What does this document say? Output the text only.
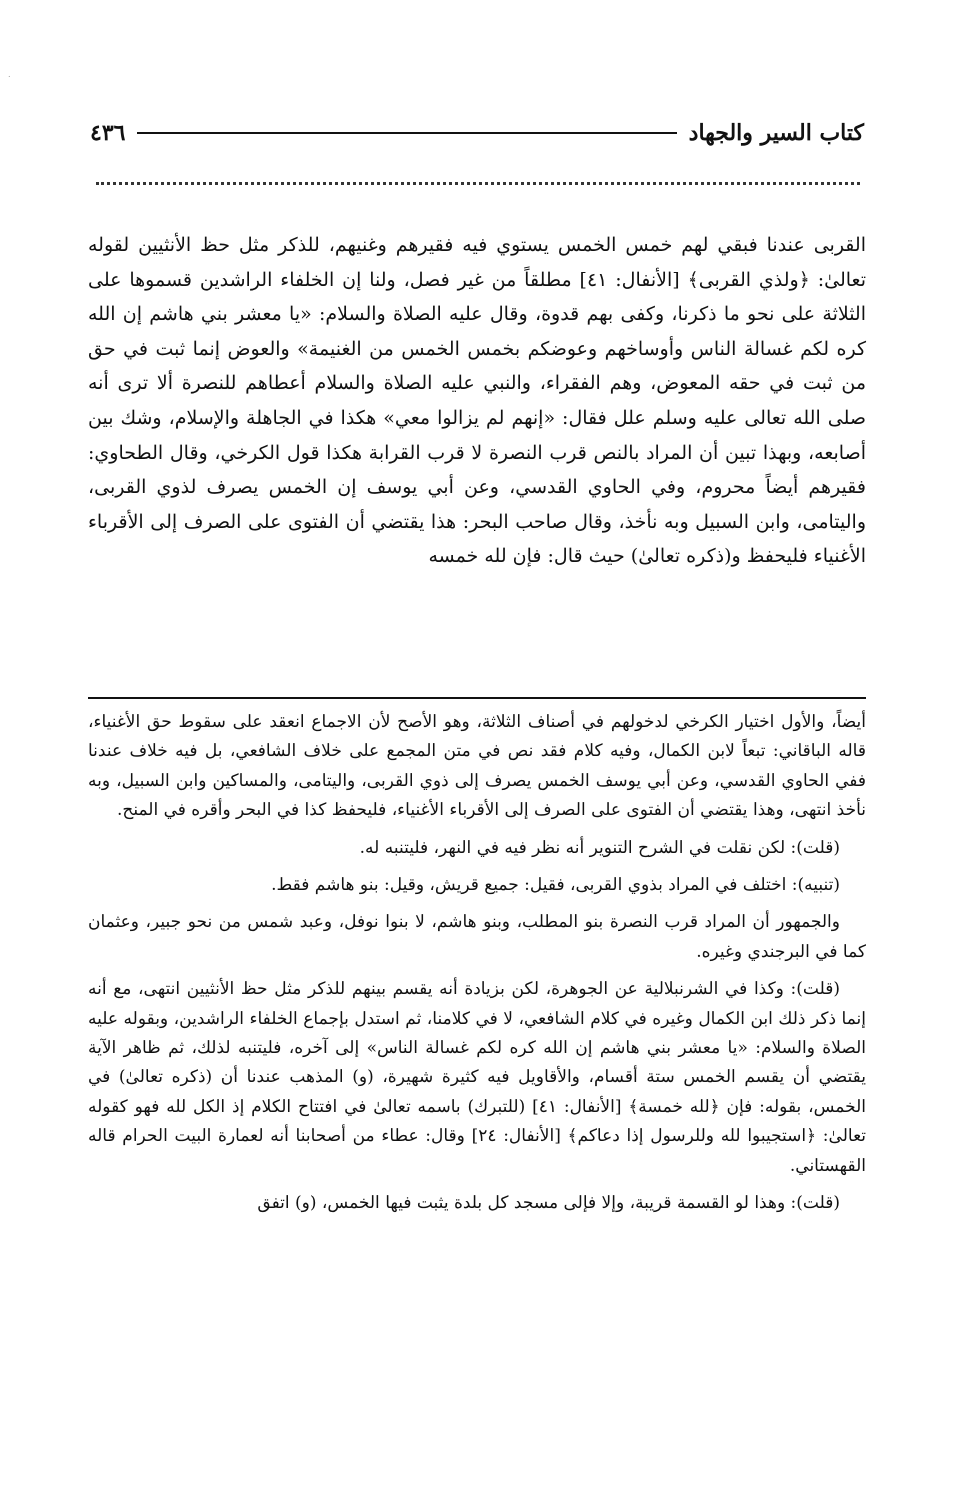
.
٤٣٦	كتاب السير والجهاد

القربى عندنا فبقي لهم خمس الخمس يستوي فيه فقيرهم وغنيهم، للذكر مثل حظ الأنثيين لقوله تعالىٰ: ﴿ولذي القربى﴾ [الأنفال: ٤١] مطلقاً من غير فصل، ولنا إن الخلفاء الراشدين قسموها على الثلاثة على نحو ما ذكرنا، وكفى بهم قدوة، وقال عليه الصلاة والسلام: «يا معشر بني هاشم إن الله كره لكم غسالة الناس وأوساخهم وعوضكم بخمس الخمس من الغنيمة» والعوض إنما ثبت في حق من ثبت في حقه المعوض، وهم الفقراء، والنبي عليه الصلاة والسلام أعطاهم للنصرة ألا ترى أنه صلى الله تعالى عليه وسلم علل فقال: «إنهم لم يزالوا معي» هكذا في الجاهلة والإسلام، وشك بين أصابعه، وبهذا تبين أن المراد بالنص قرب النصرة لا قرب القرابة هكذا قول الكرخي، وقال الطحاوي: فقيرهم أيضاً محروم، وفي الحاوي القدسي، وعن أبي يوسف إن الخمس يصرف لذوي القربى، واليتامى، وابن السبيل وبه نأخذ، وقال صاحب البحر: هذا يقتضي أن الفتوى على الصرف إلى الأقرباء الأغنياء فليحفظ و(ذكره تعالىٰ) حيث قال: فإن لله خمسه

أيضاً، والأول اختيار الكرخي لدخولهم في أصناف الثلاثة، وهو الأصح لأن الاجماع انعقد على سقوط حق الأغنياء، قاله الباقاني: تبعاً لابن الكمال، وفيه كلام فقد نص في متن المجمع على خلاف الشافعي، بل فيه خلاف عندنا ففي الحاوي القدسي، وعن أبي يوسف الخمس يصرف إلى ذوي القربى، واليتامى، والمساكين وابن السبيل، وبه نأخذ انتهى، وهذا يقتضي أن الفتوى على الصرف إلى الأقرباء الأغنياء، فليحفظ كذا في البحر وأقره في المنح.

(قلت): لكن نقلت في الشرح التنوير أنه نظر فيه في النهر، فليتنبه له.

(تنبيه): اختلف في المراد بذوي القربى، فقيل: جميع قريش، وقيل: بنو هاشم فقط.

والجمهور أن المراد قرب النصرة بنو المطلب، وبنو هاشم، لا بنوا نوفل، وعبد شمس من نحو جبير، وعثمان كما في البرجندي وغيره.

(قلت): وكذا في الشرنبلالية عن الجوهرة، لكن بزيادة أنه يقسم بينهم للذكر مثل حظ الأنثيين انتهى، مع أنه إنما ذكر ذلك ابن الكمال وغيره في كلام الشافعي، لا في كلامنا، ثم استدل بإجماع الخلفاء الراشدين، وبقوله عليه الصلاة والسلام: «يا معشر بني هاشم إن الله كره لكم غسالة الناس» إلى آخره، فليتنبه لذلك، ثم ظاهر الآية يقتضي أن يقسم الخمس ستة أقسام، والأقاويل فيه كثيرة شهيرة، (و) المذهب عندنا أن (ذكره تعالىٰ) في الخمس، بقوله: فإن ﴿لله خمسة﴾ [الأنفال: ٤١] (للتبرك) باسمه تعالىٰ في افتتاح الكلام إذ الكل لله فهو كقوله تعالىٰ: ﴿استجيبوا لله وللرسول إذا دعاكم﴾ [الأنفال: ٢٤] وقال: عطاء من أصحابنا أنه لعمارة البيت الحرام قاله القهستاني.

(قلت): وهذا لو القسمة قريبة، وإلا فإلى مسجد كل بلدة يثبت فيها الخمس، (و) اتفق
